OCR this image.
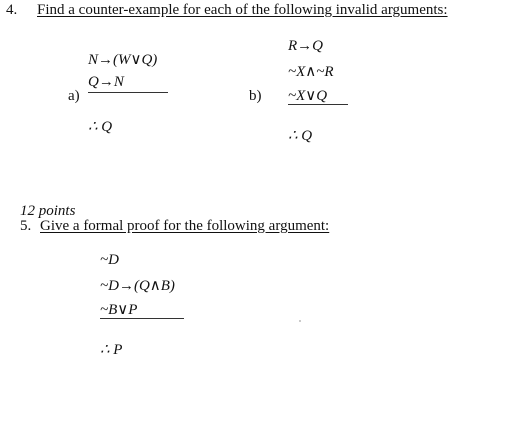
4. Find a counter-example for each of the following invalid arguments:
N→(W∨Q)
Q→N
a)
∴ Q
R→Q
~X∧~R
~X∨Q
b)
∴ Q
12 points
5. Give a formal proof for the following argument:
~D
~D→(Q∧B)
~B∨P
∴ P
